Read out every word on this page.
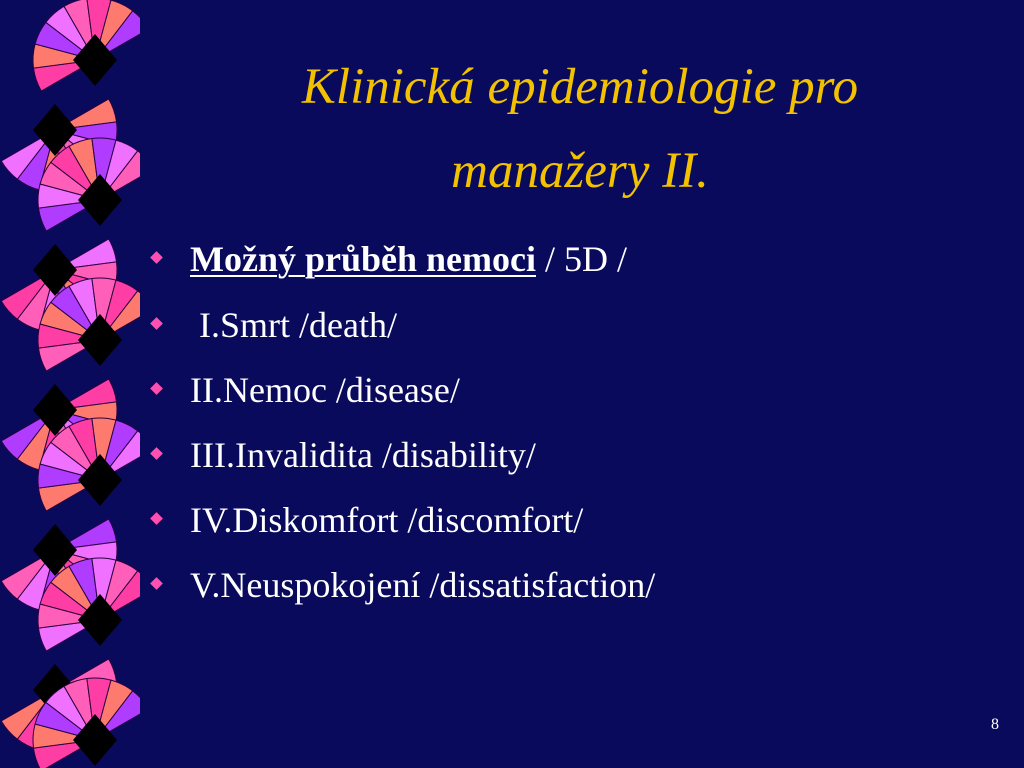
Klinická epidemiologie pro
manažery II.
Možný průběh nemoci / 5D /
I.Smrt /death/
II.Nemoc /disease/
III.Invalidita /disability/
IV.Diskomfort /discomfort/
V.Neuspokojení /dissatisfaction/
8
